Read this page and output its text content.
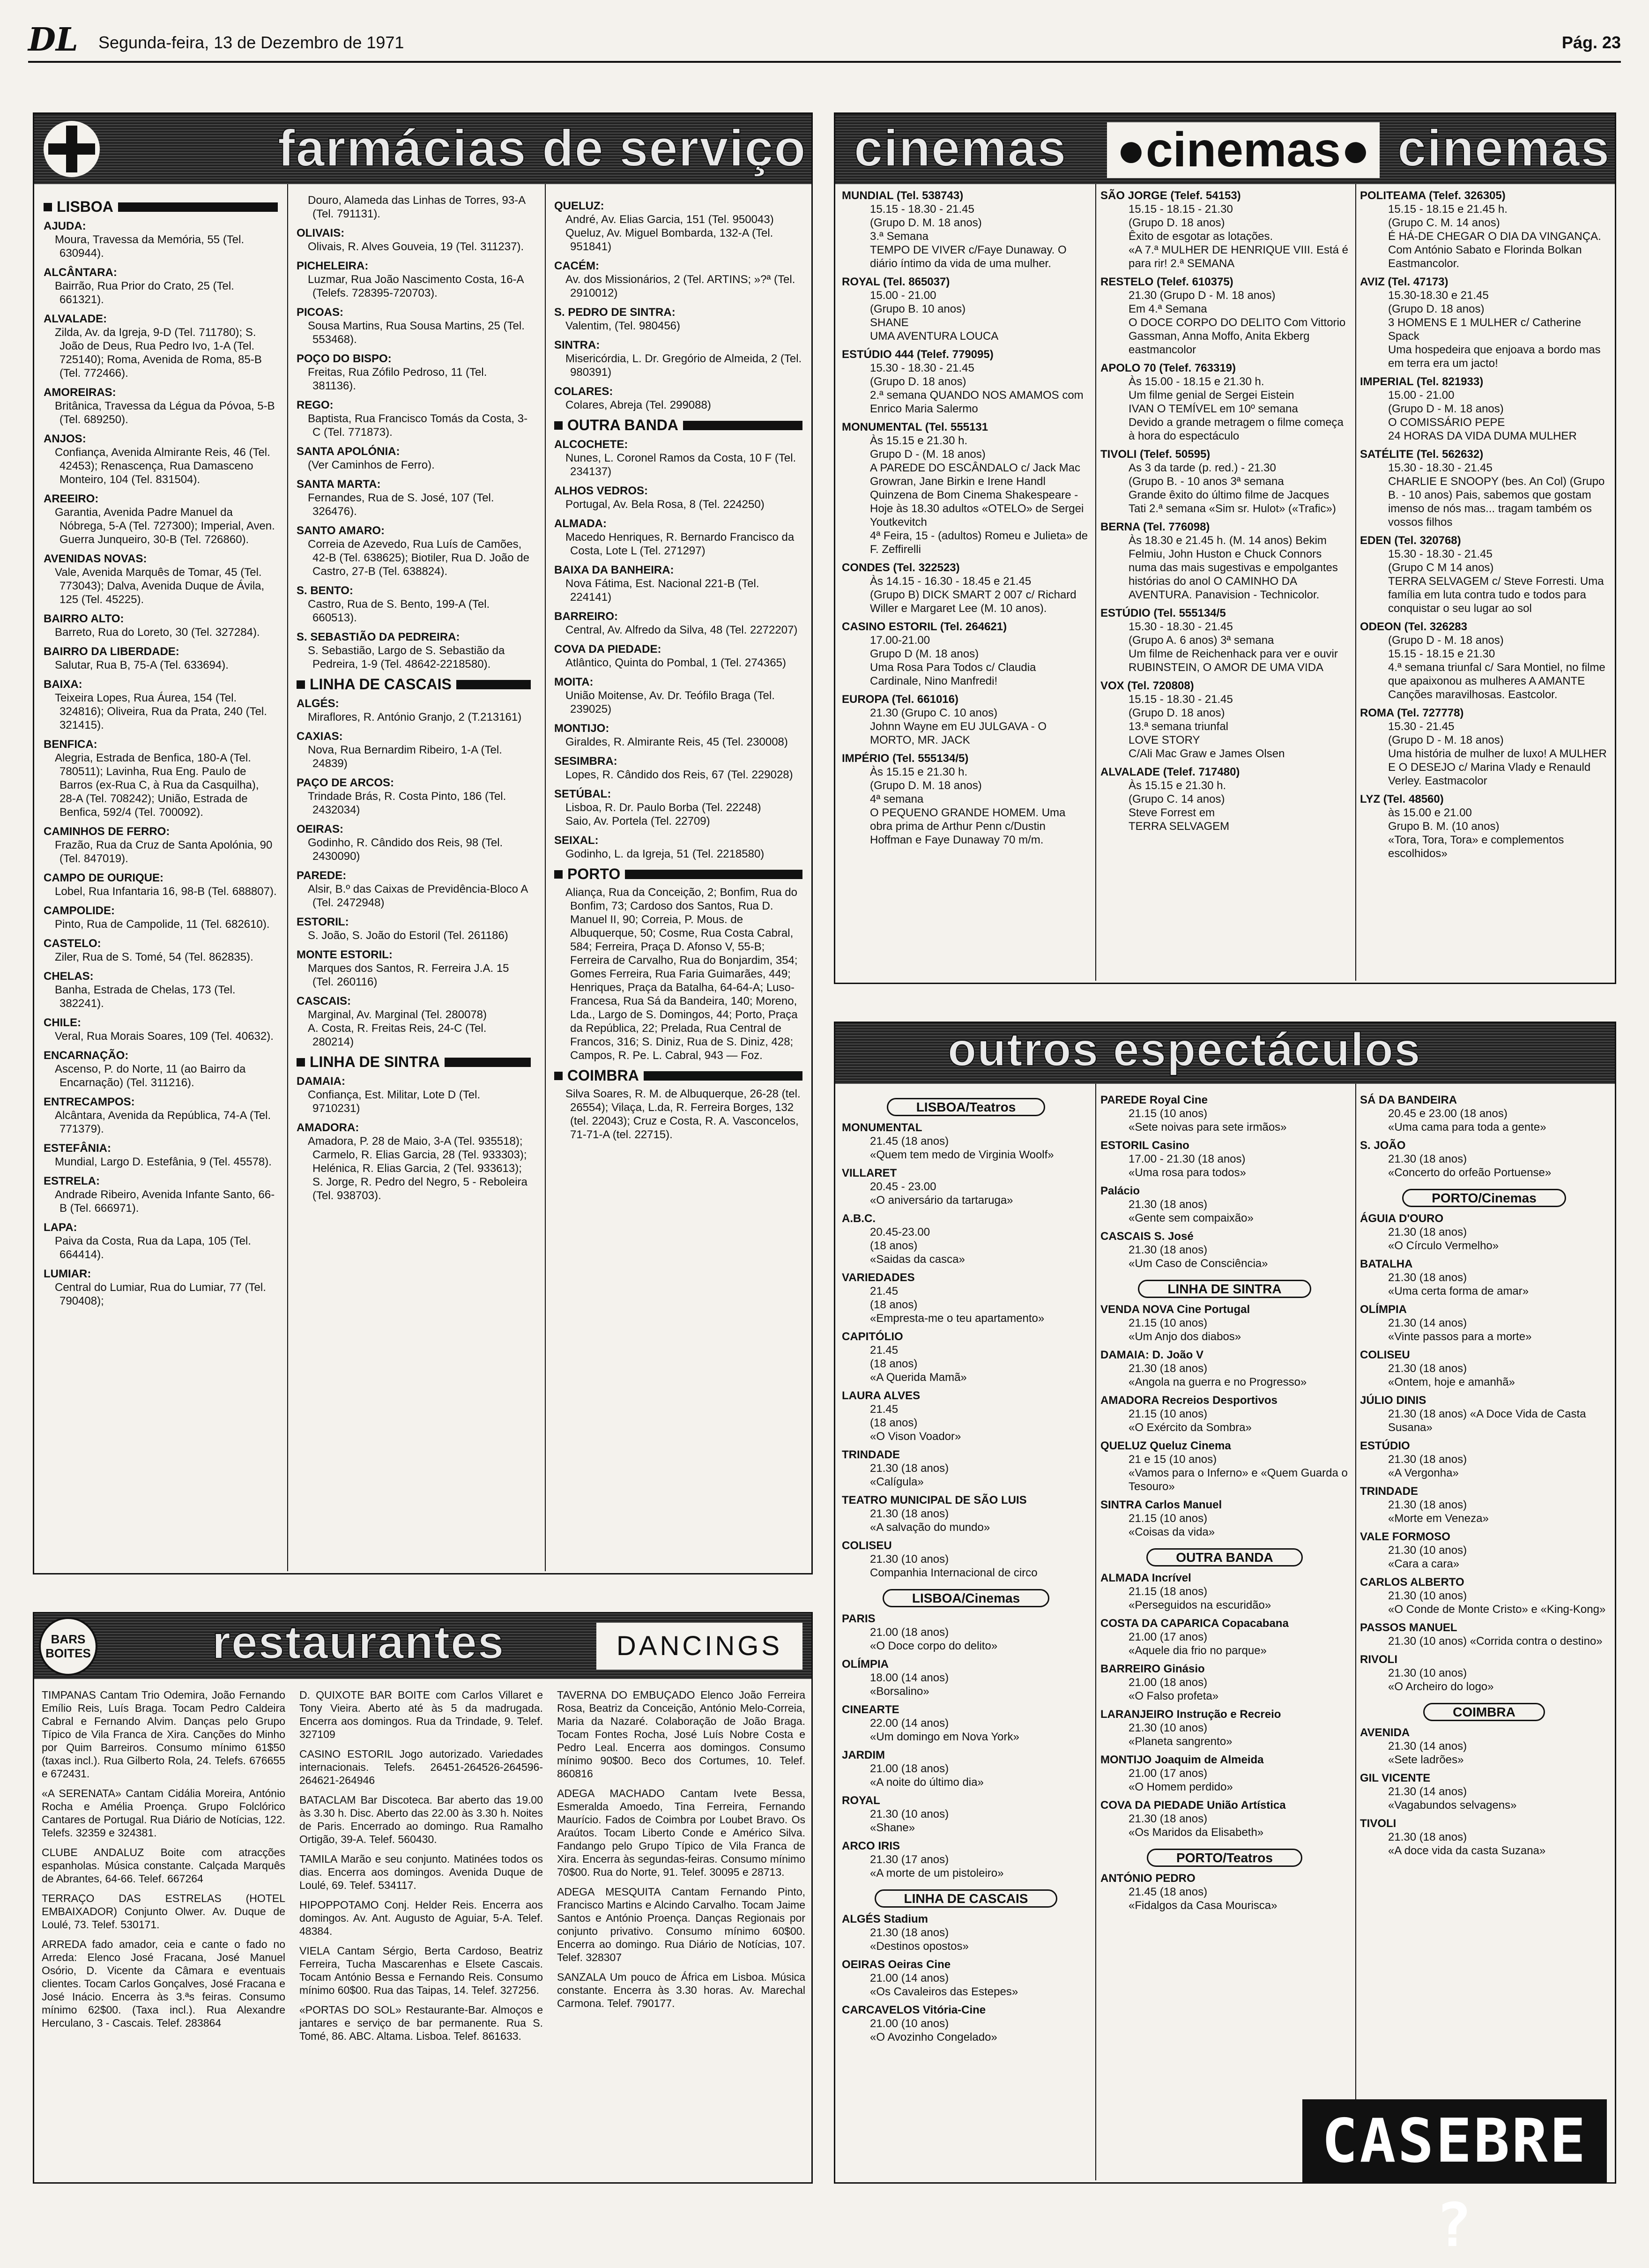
DL Segunda-feira, 13 de Dezembro de 1971	Pág. 23
farmácias de serviço
LISBOA
AJUDA:
Moura, Travessa da Memória, 55 (Tel. 630944).
ALCÂNTARA:
Bairrão, Rua Prior do Crato, 25 (Tel. 661321).
ALVALADE:
Zilda, Av. da Igreja, 9-D (Tel. 711780); S. João de Deus, Rua Pedro Ivo, 1-A (Tel. 725140); Roma, Avenida de Roma, 85-B (Tel. 772466).
AMOREIRAS:
Britânica, Travessa da Légua da Póvoa, 5-B (Tel. 689250).
ANJOS:
Confiança, Avenida Almirante Reis, 46 (Tel. 42453); Renascença, Rua Damasceno Monteiro, 104 (Tel. 831504).
AREEIRO:
Garantia, Avenida Padre Manuel da Nóbrega, 5-A (Tel. 727300); Imperial, Aven. Guerra Junqueiro, 30-B (Tel. 726860).
AVENIDAS NOVAS:
Vale, Avenida Marquês de Tomar, 45 (Tel. 773043); Dalva, Avenida Duque de Ávila, 125 (Tel. 45225).
BAIRRO ALTO:
Barreto, Rua do Loreto, 30 (Tel. 327284).
BAIRRO DA LIBERDADE:
Salutar, Rua B, 75-A (Tel. 633694).
BAIXA:
Teixeira Lopes, Rua Áurea, 154 (Tel. 324816); Oliveira, Rua da Prata, 240 (Tel. 321415).
BENFICA:
Alegria, Estrada de Benfica, 180-A (Tel. 780511); Lavinha, Rua Eng. Paulo de Barros (ex-Rua C, à Rua da Casquilha), 28-A (Tel. 708242); União, Estrada de Benfica, 592/4 (Tel. 700092).
CAMINHOS DE FERRO:
Frazão, Rua da Cruz de Santa Apolónia, 90 (Tel. 847019).
CAMPO DE OURIQUE:
Lobel, Rua Infantaria 16, 98-B (Tel. 688807).
CAMPOLIDE:
Pinto, Rua de Campolide, 11 (Tel. 682610).
CASTELO:
Ziler, Rua de S. Tomé, 54 (Tel. 862835).
CHELAS:
Banha, Estrada de Chelas, 173 (Tel. 382241).
CHILE:
Veral, Rua Morais Soares, 109 (Tel. 40632).
ENCARNAÇÃO:
Ascenso, P. do Norte, 11 (ao Bairro da Encarnação) (Tel. 311216).
ENTRECAMPOS:
Alcântara, Avenida da República, 74-A (Tel. 771379).
ESTEFÂNIA:
Mundial, Largo D. Estefânia, 9 (Tel. 45578).
ESTRELA:
Andrade Ribeiro, Avenida Infante Santo, 66-B (Tel. 666971).
LAPA:
Paiva da Costa, Rua da Lapa, 105 (Tel. 664414).
LUMIAR:
Central do Lumiar, Rua do Lumiar, 77 (Tel. 790408);
Douro, Alameda das Linhas de Torres, 93-A (Tel. 791131).
OLIVAIS:
Olivais, R. Alves Gouveia, 19 (Tel. 311237).
PICHELEIRA:
Luzmar, Rua João Nascimento Costa, 16-A (Telefs. 728395-720703).
PICOAS:
Sousa Martins, Rua Sousa Martins, 25 (Tel. 553468).
POÇO DO BISPO:
Freitas, Rua Zófilo Pedroso, 11 (Tel. 381136).
REGO:
Baptista, Rua Francisco Tomás da Costa, 3-C (Tel. 771873).
SANTA APOLÓNIA:
(Ver Caminhos de Ferro).
SANTA MARTA:
Fernandes, Rua de S. José, 107 (Tel. 326476).
SANTO AMARO:
Correia de Azevedo, Rua Luís de Camões, 42-B (Tel. 638625); Biotiler, Rua D. João de Castro, 27-B (Tel. 638824).
S. BENTO:
Castro, Rua de S. Bento, 199-A (Tel. 660513).
S. SEBASTIÃO DA PEDREIRA:
S. Sebastião, Largo de S. Sebastião da Pedreira, 1-9 (Tel. 48642-2218580).
LINHA DE CASCAIS
ALGÉS:
Miraflores, R. António Granjo, 2 (T.213161)
CAXIAS:
Nova, Rua Bernardim Ribeiro, 1-A (Tel. 24839)
PAÇO DE ARCOS:
Trindade Brás, R. Costa Pinto, 186 (Tel. 2432034)
OEIRAS:
Godinho, R. Cândido dos Reis, 98 (Tel. 2430090)
PAREDE:
Alsir, B.º das Caixas de Previdência-Bloco A (Tel. 2472948)
ESTORIL:
S. João, S. João do Estoril (Tel. 261186)
MONTE ESTORIL:
Marques dos Santos, R. Ferreira J.A. 15 (Tel. 260116)
CASCAIS:
Marginal, Av. Marginal (Tel. 280078)
A. Costa, R. Freitas Reis, 24-C (Tel. 280214)
LINHA DE SINTRA
DAMAIA:
Confiança, Est. Militar, Lote D (Tel. 9710231)
AMADORA:
Amadora, P. 28 de Maio, 3-A (Tel. 935518); Carmelo, R. Elias Garcia, 28 (Tel. 933303); Helénica, R. Elias Garcia, 2 (Tel. 933613); S. Jorge, R. Pedro del Negro, 5 - Reboleira (Tel. 938703).
QUELUZ:
André, Av. Elias Garcia, 151 (Tel. 950043)
Queluz, Av. Miguel Bombarda, 132-A (Tel. 951841)
CACÉM:
Av. dos Missionários, 2 (Tel. ARTINS; »?ª (Tel. 2910012)
S. PEDRO DE SINTRA:
Valentim, (Tel. 980456)
SINTRA:
Misericórdia, L. Dr. Gregório de Almeida, 2 (Tel. 980391)
COLARES:
Colares, Abreja (Tel. 299088)
OUTRA BANDA
ALCOCHETE:
Nunes, L. Coronel Ramos da Costa, 10 F (Tel. 234137)
ALHOS VEDROS:
Portugal, Av. Bela Rosa, 8 (Tel. 224250)
ALMADA:
Macedo Henriques, R. Bernardo Francisco da Costa, Lote L (Tel. 271297)
BAIXA DA BANHEIRA:
Nova Fátima, Est. Nacional 221-B (Tel. 224141)
BARREIRO:
Central, Av. Alfredo da Silva, 48 (Tel. 2272207)
COVA DA PIEDADE:
Atlântico, Quinta do Pombal, 1 (Tel. 274365)
MOITA:
União Moitense, Av. Dr. Teófilo Braga (Tel. 239025)
MONTIJO:
Giraldes, R. Almirante Reis, 45 (Tel. 230008)
SESIMBRA:
Lopes, R. Cândido dos Reis, 67 (Tel. 229028)
SETÚBAL:
Lisboa, R. Dr. Paulo Borba (Tel. 22248)
Saio, Av. Portela (Tel. 22709)
SEIXAL:
Godinho, L. da Igreja, 51 (Tel. 2218580)
PORTO
Aliança, Rua da Conceição, 2; Bonfim, Rua do Bonfim, 73; Cardoso dos Santos, Rua D. Manuel II, 90; Correia, P. Mous. de Albuquerque, 50; Cosme, Rua Costa Cabral, 584; Ferreira, Praça D. Afonso V, 55-B; Ferreira de Carvalho, Rua do Bonjardim, 354; Gomes Ferreira, Rua Faria Guimarães, 449; Henriques, Praça da Batalha, 64-64-A; Luso-Francesa, Rua Sá da Bandeira, 140; Moreno, Lda., Largo de S. Domingos, 44; Porto, Praça da República, 22; Prelada, Rua Central de Francos, 316; S. Diniz, Rua de S. Diniz, 428; Campos, R. Pe. L. Cabral, 943 — Foz.
COIMBRA
Silva Soares, R. M. de Albuquerque, 26-28 (tel. 26554); Vilaça, L.da, R. Ferreira Borges, 132 (tel. 22043); Cruz e Costa, R. A. Vasconcelos, 71-71-A (tel. 22715).
cinemas ●cinemas● cinemas
MUNDIAL (Tel. 538743)
15.15 - 18.30 - 21.45
(Grupo D. M. 18 anos)
3.ª Semana
TEMPO DE VIVER c/Faye Dunaway. O diário íntimo da vida de uma mulher.
ROYAL (Tel. 865037)
15.00 - 21.00
(Grupo B. 10 anos)
SHANE
UMA AVENTURA LOUCA
ESTÚDIO 444 (Telef. 779095)
15.30 - 18.30 - 21.45
(Grupo D. 18 anos)
2.ª semana QUANDO NOS AMAMOS com Enrico Maria Salermo
MONUMENTAL (Tel. 555131
Às 15.15 e 21.30 h.
Grupo D - (M. 18 anos)
A PAREDE DO ESCÂNDALO c/ Jack Mac Growran, Jane Birkin e Irene Handl
Quinzena de Bom Cinema Shakespeare - Hoje às 18.30 adultos «OTELO» de Sergei Youtkevitch
4ª Feira, 15 - (adultos) Romeu e Julieta» de F. Zeffirelli
CONDES (Tel. 322523)
Às 14.15 - 16.30 - 18.45 e 21.45
(Grupo B) DICK SMART 2 007 c/ Richard Willer e Margaret Lee (M. 10 anos).
CASINO ESTORIL (Tel. 264621)
17.00-21.00
Grupo D (M. 18 anos)
Uma Rosa Para Todos c/ Claudia Cardinale, Nino Manfredi!
EUROPA (Tel. 661016)
21.30 (Grupo C. 10 anos)
Johnn Wayne em EU JULGAVA - O MORTO, MR. JACK
IMPÉRIO (Tel. 555134/5)
Às 15.15 e 21.30 h.
(Grupo D. M. 18 anos)
4ª semana
O PEQUENO GRANDE HOMEM. Uma obra prima de Arthur Penn c/Dustin Hoffman e Faye Dunaway 70 m/m.
SÃO JORGE (Telef. 54153)
15.15 - 18.15 - 21.30
(Grupo D. 18 anos)
Êxito de esgotar as lotações.
«A 7.ª MULHER DE HENRIQUE VIII. Está é para rir! 2.ª SEMANA
RESTELO (Telef. 610375)
21.30 (Grupo D - M. 18 anos)
Em 4.ª Semana
O DOCE CORPO DO DELITO Com Vittorio Gassman, Anna Moffo, Anita Ekberg eastmancolor
APOLO 70 (Telef. 763319)
Às 15.00 - 18.15 e 21.30 h.
Um filme genial de Sergei Eistein
IVAN O TEMÍVEL em 10º semana
Devido a grande metragem o filme começa à hora do espectáculo
TIVOLI (Telef. 50595)
As 3 da tarde (p. red.) - 21.30
(Grupo B. - 10 anos 3ª semana
Grande êxito do último filme de Jacques Tati 2.ª semana «Sim sr. Hulot» («Trafic»)
BERNA (Tel. 776098)
Às 18.30 e 21.45 h. (M. 14 anos) Bekim Felmiu, John Huston e Chuck Connors numa das mais sugestivas e empolgantes histórias do anol O CAMINHO DA AVENTURA. Panavision - Technicolor.
ESTÚDIO (Tel. 555134/5
15.30 - 18.30 - 21.45
(Grupo A. 6 anos) 3ª semana
Um filme de Reichenhack para ver e ouvir
RUBINSTEIN, O AMOR DE UMA VIDA
VOX (Tel. 720808)
15.15 - 18.30 - 21.45
(Grupo D. 18 anos)
13.ª semana triunfal
LOVE STORY
C/Ali Mac Graw e James Olsen
ALVALADE (Telef. 717480)
Às 15.15 e 21.30 h.
(Grupo C. 14 anos)
Steve Forrest em
TERRA SELVAGEM
POLITEAMA (Telef. 326305)
15.15 - 18.15 e 21.45 h.
(Grupo C. M. 14 anos)
É HÁ-DE CHEGAR O DIA DA VINGANÇA. Com António Sabato e Florinda Bolkan Eastmancolor.
AVIZ (Tel. 47173)
15.30-18.30 e 21.45
(Grupo D. 18 anos)
3 HOMENS E 1 MULHER c/ Catherine Spack
Uma hospedeira que enjoava a bordo mas em terra era um jacto!
IMPERIAL (Tel. 821933)
15.00 - 21.00
(Grupo D - M. 18 anos)
O COMISSÁRIO PEPE
24 HORAS DA VIDA DUMA MULHER
SATÉLITE (Tel. 562632)
15.30 - 18.30 - 21.45
CHARLIE E SNOOPY (bes. An Col) (Grupo B. - 10 anos) Pais, sabemos que gostam imenso de nós mas... tragam também os vossos filhos
EDEN (Tel. 320768)
15.30 - 18.30 - 21.45
(Grupo C M 14 anos)
TERRA SELVAGEM c/ Steve Forresti. Uma família em luta contra tudo e todos para conquistar o seu lugar ao sol
ODEON (Tel. 326283
(Grupo D - M. 18 anos)
15.15 - 18.15 e 21.30
4.ª semana triunfal c/ Sara Montiel, no filme que apaixonou as mulheres A AMANTE Canções maravilhosas. Eastcolor.
ROMA (Tel. 727778)
15.30 - 21.45
(Grupo D - M. 18 anos)
Uma história de mulher de luxo! A MULHER E O DESEJO c/ Marina Vlady e Renauld Verley. Eastmacolor
LYZ (Tel. 48560)
às 15.00 e 21.00
Grupo B. M. (10 anos)
«Tora, Tora, Tora» e complementos escolhidos»
outros espectáculos
LISBOA/Teatros
MONUMENTAL
21.45 (18 anos)
«Quem tem medo de Virginia Woolf»
VILLARET
20.45 - 23.00
«O aniversário da tartaruga»
A.B.C.
20.45-23.00
(18 anos)
«Saidas da casca»
VARIEDADES
21.45
(18 anos)
«Empresta-me o teu apartamento»
CAPITÓLIO
21.45
(18 anos)
«A Querida Mamã»
LAURA ALVES
21.45
(18 anos)
«O Vison Voador»
TRINDADE
21.30 (18 anos)
«Calígula»
TEATRO MUNICIPAL DE SÃO LUIS
21.30 (18 anos)
«A salvação do mundo»
COLISEU
21.30 (10 anos)
Companhia Internacional de circo
LISBOA/Cinemas
PARIS
21.00 (18 anos)
«O Doce corpo do delito»
OLÍMPIA
18.00 (14 anos)
«Borsalino»
CINEARTE
22.00 (14 anos)
«Um domingo em Nova York»
JARDIM
21.00 (18 anos)
«A noite do último dia»
ROYAL
21.30 (10 anos)
«Shane»
ARCO IRIS
21.30 (17 anos)
«A morte de um pistoleiro»
LINHA DE CASCAIS
ALGÉS Stadium
21.30 (18 anos)
«Destinos opostos»
OEIRAS Oeiras Cine
21.00 (14 anos)
«Os Cavaleiros das Estepes»
CARCAVELOS Vitória-Cine
21.00 (10 anos)
«O Avozinho Congelado»
PAREDE Royal Cine
21.15 (10 anos)
«Sete noivas para sete irmãos»
ESTORIL Casino
17.00 - 21.30 (18 anos)
«Uma rosa para todos»
Palácio
21.30 (18 anos)
«Gente sem compaixão»
CASCAIS S. José
21.30 (18 anos)
«Um Caso de Consciência»
LINHA DE SINTRA
VENDA NOVA Cine Portugal
21.15 (10 anos)
«Um Anjo dos diabos»
DAMAIA: D. João V
21.30 (18 anos)
«Angola na guerra e no Progresso»
AMADORA Recreios Desportivos
21.15 (10 anos)
«O Exército da Sombra»
QUELUZ Queluz Cinema
21 e 15 (10 anos)
«Vamos para o Inferno» e «Quem Guarda o Tesouro»
SINTRA Carlos Manuel
21.15 (10 anos)
«Coisas da vida»
OUTRA BANDA
ALMADA Incrível
21.15 (18 anos)
«Perseguidos na escuridão»
COSTA DA CAPARICA Copacabana
21.00 (17 anos)
«Aquele dia frio no parque»
BARREIRO Ginásio
21.00 (18 anos)
«O Falso profeta»
LARANJEIRO Instrução e Recreio
21.30 (10 anos)
«Planeta sangrento»
MONTIJO Joaquim de Almeida
21.00 (17 anos)
«O Homem perdido»
COVA DA PIEDADE União Artística
21.30 (18 anos)
«Os Maridos da Elisabeth»
PORTO/Teatros
ANTÓNIO PEDRO
21.45 (18 anos)
«Fidalgos da Casa Mourisca»
SÁ DA BANDEIRA
20.45 e 23.00 (18 anos)
«Uma cama para toda a gente»
S. JOÃO
21.30 (18 anos)
«Concerto do orfeão Portuense»
PORTO/Cinemas
ÁGUIA D'OURO
21.30 (18 anos)
«O Círculo Vermelho»
BATALHA
21.30 (18 anos)
«Uma certa forma de amar»
OLÍMPIA
21.30 (14 anos)
«Vinte passos para a morte»
COLISEU
21.30 (18 anos)
«Ontem, hoje e amanhã»
JÚLIO DINIS
21.30 (18 anos) «A Doce Vida de Casta Susana»
ESTÚDIO
21.30 (18 anos)
«A Vergonha»
TRINDADE
21.30 (18 anos)
«Morte em Veneza»
VALE FORMOSO
21.30 (10 anos)
«Cara a cara»
CARLOS ALBERTO
21.30 (10 anos)
«O Conde de Monte Cristo» e «King-Kong»
PASSOS MANUEL
21.30 (10 anos) «Corrida contra o destino»
RIVOLI
21.30 (10 anos)
«O Archeiro do logo»
COIMBRA
AVENIDA
21.30 (14 anos)
«Sete ladrões»
GIL VICENTE
21.30 (14 anos)
«Vagabundos selvagens»
TIVOLI
21.30 (18 anos)
«A doce vida da casta Suzana»
BARS
BOITES	restaurantes	DANCINGS
TIMPANAS Cantam Trio Odemira, João Fernando Emílio Reis, Luís Braga. Tocam Pedro Caldeira Cabral e Fernando Alvim. Danças pelo Grupo Típico de Vila Franca de Xira. Canções do Minho por Quim Barreiros. Consumo mínimo 61$50 (taxas incl.). Rua Gilberto Rola, 24. Telefs. 676655 e 672431.
«A SERENATA» Cantam Cidália Moreira, António Rocha e Amélia Proença. Grupo Folclórico Cantares de Portugal. Rua Diário de Notícias, 122. Telefs. 32359 e 324381.
CLUBE ANDALUZ Boite com atracções espanholas. Música constante. Calçada Marquês de Abrantes, 64-66. Telef. 667264
TERRAÇO DAS ESTRELAS (HOTEL EMBAIXADOR) Conjunto Olwer. Av. Duque de Loulé, 73. Telef. 530171.
ARREDA fado amador, ceia e cante o fado no Arreda: Elenco José Fracana, José Manuel Osório, D. Vicente da Câmara e eventuais clientes. Tocam Carlos Gonçalves, José Fracana e José Inácio. Encerra às 3.ªs feiras. Consumo mínimo 62$00. (Taxa incl.). Rua Alexandre Herculano, 3 - Cascais. Telef. 283864
D. QUIXOTE BAR BOITE com Carlos Villaret e Tony Vieira. Aberto até às 5 da madrugada. Encerra aos domingos. Rua da Trindade, 9. Telef. 327109
CASINO ESTORIL Jogo autorizado. Variedades internacionais. Telefs. 26451-264526-264596-264621-264946
BATACLAM Bar Discoteca. Bar aberto das 19.00 às 3.30 h. Disc. Aberto das 22.00 às 3.30 h. Noites de Paris. Encerrado ao domingo. Rua Ramalho Ortigão, 39-A. Telef. 560430.
TAMILA Marão e seu conjunto. Matinées todos os dias. Encerra aos domingos. Avenida Duque de Loulé, 69. Telef. 534117.
HIPOPPOTAMO Conj. Helder Reis. Encerra aos domingos. Av. Ant. Augusto de Aguiar, 5-A. Telef. 48384.
VIELA Cantam Sérgio, Berta Cardoso, Beatriz Ferreira, Tucha Mascarenhas e Elsete Cascais. Tocam António Bessa e Fernando Reis. Consumo mínimo 60$00. Rua das Taipas, 14. Telef. 327256.
«PORTAS DO SOL» Restaurante-Bar. Almoços e jantares e serviço de bar permanente. Rua S. Tomé, 86. ABC. Altama. Lisboa. Telef. 861633.
TAVERNA DO EMBUÇADO Elenco João Ferreira Rosa, Beatriz da Conceição, António Melo-Correia, Maria da Nazaré. Colaboração de João Braga. Tocam Fontes Rocha, José Luís Nobre Costa e Pedro Leal. Encerra aos domingos. Consumo mínimo 90$00. Beco dos Cortumes, 10. Telef. 860816
ADEGA MACHADO Cantam Ivete Bessa, Esmeralda Amoedo, Tina Ferreira, Fernando Maurício. Fados de Coimbra por Loubet Bravo. Os Araútos. Tocam Liberto Conde e Américo Silva. Fandango pelo Grupo Típico de Vila Franca de Xira. Encerra às segundas-feiras. Consumo mínimo 70$00. Rua do Norte, 91. Telef. 30095 e 28713.
ADEGA MESQUITA Cantam Fernando Pinto, Francisco Martins e Alcindo Carvalho. Tocam Jaime Santos e António Proença. Danças Regionais por conjunto privativo. Consumo mínimo 60$00. Encerra ao domingo. Rua Diário de Notícias, 107. Telef. 328307
SANZALA Um pouco de África em Lisboa. Música constante. Encerra às 3.30 horas. Av. Marechal Carmona. Telef. 790177.
CASEBRE ?
